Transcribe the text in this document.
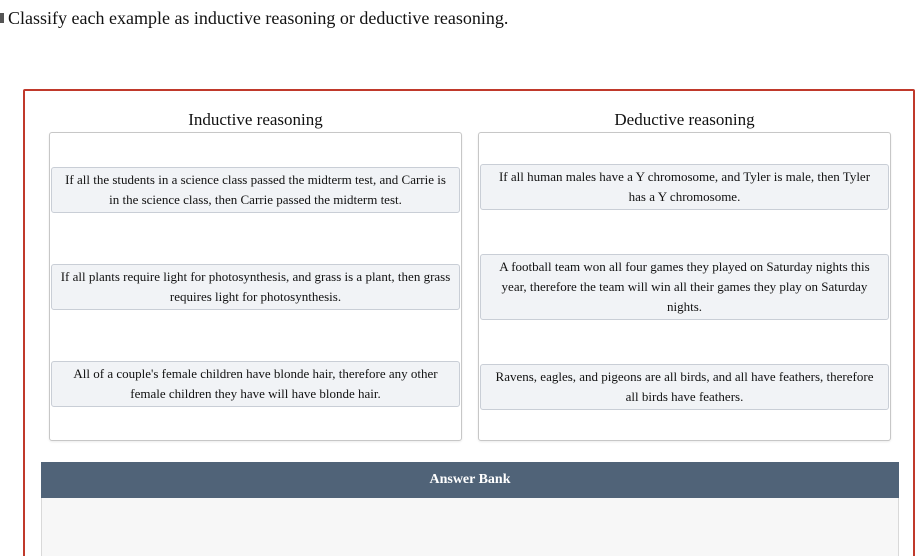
Classify each example as inductive reasoning or deductive reasoning.
Inductive reasoning	Deductive reasoning
If all the students in a science class passed the midterm test, and Carrie is in the science class, then Carrie passed the midterm test.
If all plants require light for photosynthesis, and grass is a plant, then grass requires light for photosynthesis.
All of a couple's female children have blonde hair, therefore any other female children they have will have blonde hair.
If all human males have a Y chromosome, and Tyler is male, then Tyler has a Y chromosome.
A football team won all four games they played on Saturday nights this year, therefore the team will win all their games they play on Saturday nights.
Ravens, eagles, and pigeons are all birds, and all have feathers, therefore all birds have feathers.
Answer Bank
